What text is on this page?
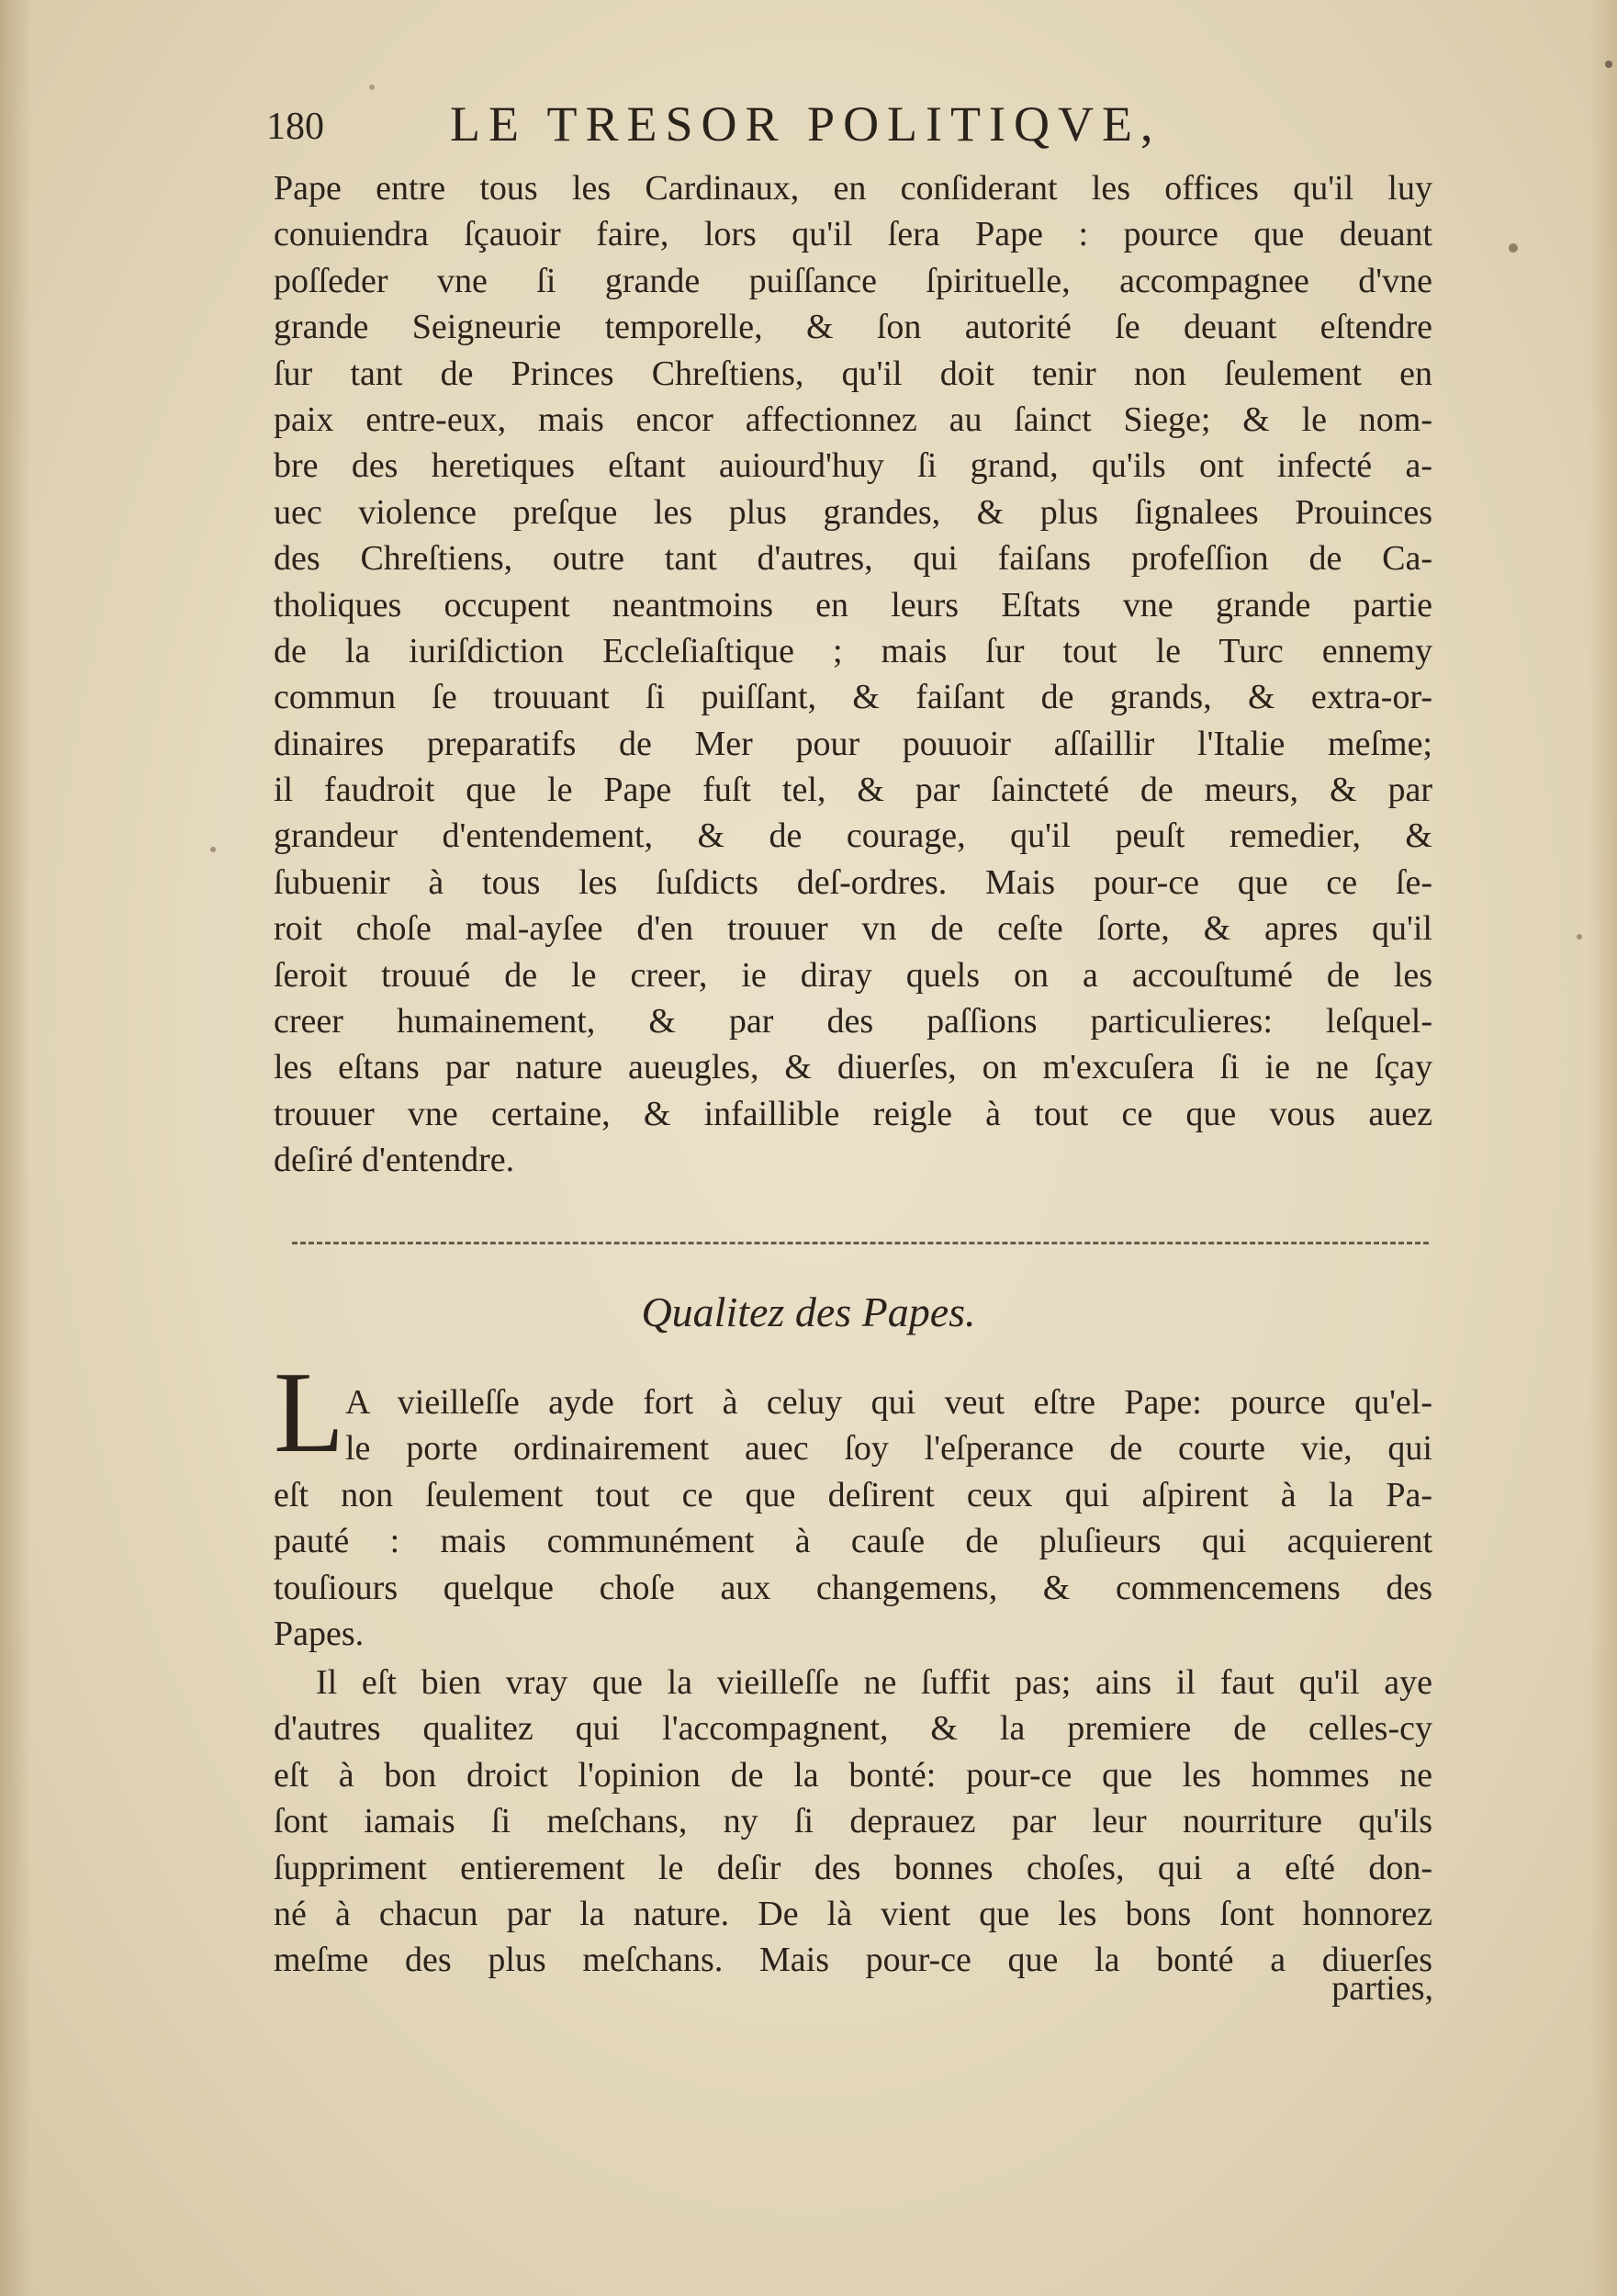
180	LE TRESOR POLITIQVE,
Pape entre tous les Cardinaux, en conſiderant les offices qu'il luy
conuiendra ſçauoir faire, lors qu'il ſera Pape : pource que deuant
poſſeder vne ſi grande puiſſance ſpirituelle, accompagnee d'vne
grande Seigneurie temporelle, & ſon autorité ſe deuant eſtendre
ſur tant de Princes Chreſtiens, qu'il doit tenir non ſeulement en
paix entre-eux, mais encor affectionnez au ſainct Siege; & le nom-
bre des heretiques eſtant auiourd'huy ſi grand, qu'ils ont infecté a-
uec violence preſque les plus grandes, & plus ſignalees Prouinces
des Chreſtiens, outre tant d'autres, qui faiſans profeſſion de Ca-
tholiques occupent neantmoins en leurs Eſtats vne grande partie
de la iuriſdiction Eccleſiaſtique ; mais ſur tout le Turc ennemy
commun ſe trouuant ſi puiſſant, & faiſant de grands, & extra-or-
dinaires preparatifs de Mer pour pouuoir aſſaillir l'Italie meſme;
il faudroit que le Pape fuſt tel, & par ſaincteté de meurs, & par
grandeur d'entendement, & de courage, qu'il peuſt remedier, &
ſubuenir à tous les ſuſdicts deſ-ordres. Mais pour-ce que ce ſe-
roit choſe mal-ayſee d'en trouuer vn de ceſte ſorte, & apres qu'il
ſeroit trouué de le creer, ie diray quels on a accouſtumé de les
creer humainement, & par des paſſions particulieres: leſquel-
les eſtans par nature aueugles, & diuerſes, on m'excuſera ſi ie ne ſçay
trouuer vne certaine, & infaillible reigle à tout ce que vous auez
deſiré d'entendre.
Qualitez des Papes.
L A vieilleſſe ayde fort à celuy qui veut eſtre Pape: pource qu'el-
le porte ordinairement auec ſoy l'eſperance de courte vie, qui
eſt non ſeulement tout ce que deſirent ceux qui aſpirent à la Pa-
pauté : mais communément à cauſe de pluſieurs qui acquierent
touſiours quelque choſe aux changemens, & commencemens des
Papes.
Il eſt bien vray que la vieilleſſe ne ſuffit pas; ains il faut qu'il aye
d'autres qualitez qui l'accompagnent, & la premiere de celles-cy
eſt à bon droict l'opinion de la bonté: pour-ce que les hommes ne
ſont iamais ſi meſchans, ny ſi deprauez par leur nourriture qu'ils
ſuppriment entierement le deſir des bonnes choſes, qui a eſté don-
né à chacun par la nature. De là vient que les bons ſont honnorez
meſme des plus meſchans. Mais pour-ce que la bonté a diuerſes
parties,
